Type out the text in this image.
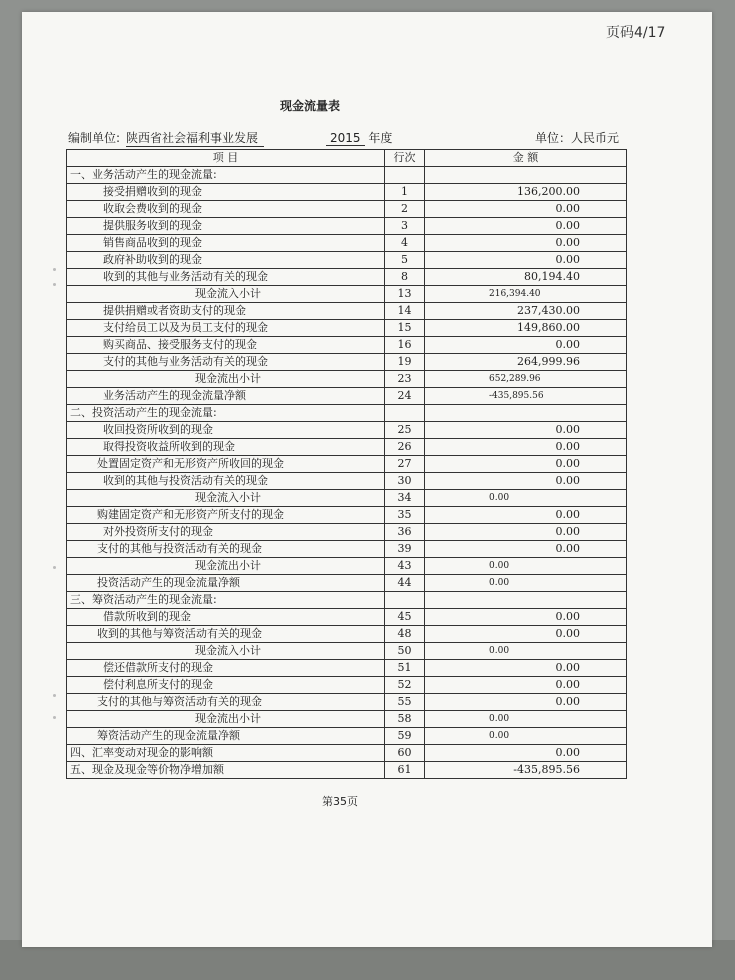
页码4/17
现金流量表
编制单位: 陕西省社会福利事业发展	2015 年度	单位：人民币元
项 目	行次	金 额
一、业务活动产生的现金流量:		
接受捐赠收到的现金	1	136,200.00
收取会费收到的现金	2	0.00
提供服务收到的现金	3	0.00
销售商品收到的现金	4	0.00
政府补助收到的现金	5	0.00
收到的其他与业务活动有关的现金	8	80,194.40
现金流入小计	13	216,394.40
提供捐赠或者资助支付的现金	14	237,430.00
支付给员工以及为员工支付的现金	15	149,860.00
购买商品、接受服务支付的现金	16	0.00
支付的其他与业务活动有关的现金	19	264,999.96
现金流出小计	23	652,289.96
业务活动产生的现金流量净额	24	-435,895.56
二、投资活动产生的现金流量:		
收回投资所收到的现金	25	0.00
取得投资收益所收到的现金	26	0.00
处置固定资产和无形资产所收回的现金	27	0.00
收到的其他与投资活动有关的现金	30	0.00
现金流入小计	34	0.00
购建固定资产和无形资产所支付的现金	35	0.00
对外投资所支付的现金	36	0.00
支付的其他与投资活动有关的现金	39	0.00
现金流出小计	43	0.00
投资活动产生的现金流量净额	44	0.00
三、筹资活动产生的现金流量:		
借款所收到的现金	45	0.00
收到的其他与筹资活动有关的现金	48	0.00
现金流入小计	50	0.00
偿还借款所支付的现金	51	0.00
偿付利息所支付的现金	52	0.00
支付的其他与筹资活动有关的现金	55	0.00
现金流出小计	58	0.00
筹资活动产生的现金流量净额	59	0.00
四、汇率变动对现金的影响额	60	0.00
五、现金及现金等价物净增加额	61	-435,895.56
第35页
